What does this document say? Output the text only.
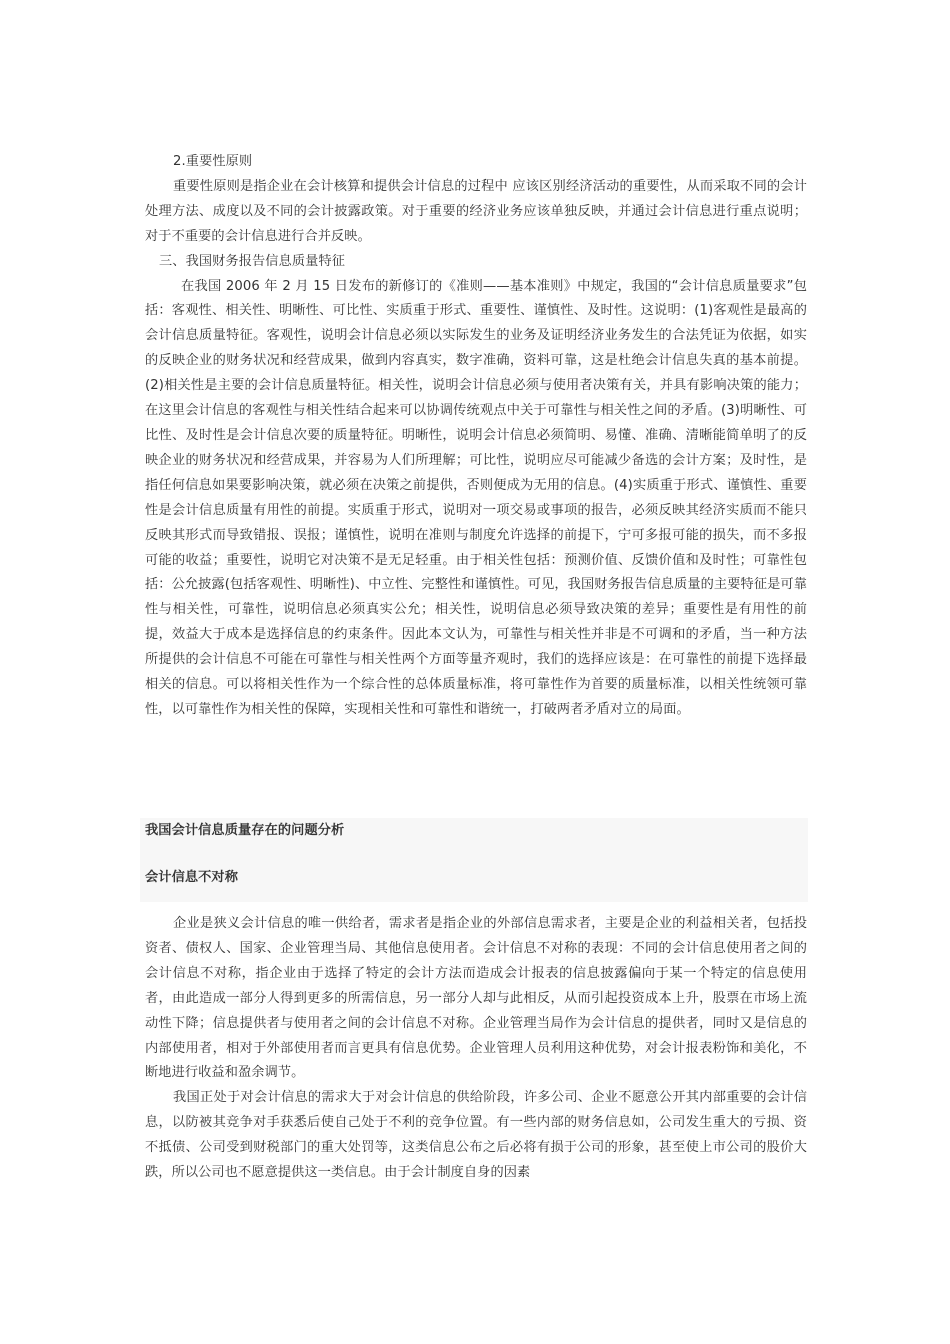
2.重要性原则

重要性原则是指企业在会计核算和提供会计信息的过程中 应该区别经济活动的重要性，从而采取不同的会计处理方法、成度以及不同的会计披露政策。对于重要的经济业务应该单独反映，并通过会计信息进行重点说明；对于不重要的会计信息进行合并反映。

三、我国财务报告信息质量特征

在我国 2006 年 2 月 15 日发布的新修订的《准则——基本准则》中规定，我国的“会计信息质量要求”包括：客观性、相关性、明晰性、可比性、实质重于形式、重要性、谨慎性、及时性。这说明：(1)客观性是最高的会计信息质量特征。客观性，说明会计信息必须以实际发生的业务及证明经济业务发生的合法凭证为依据，如实的反映企业的财务状况和经营成果，做到内容真实，数字准确，资料可靠，这是杜绝会计信息失真的基本前提。(2)相关性是主要的会计信息质量特征。相关性，说明会计信息必须与使用者决策有关，并具有影响决策的能力；在这里会计信息的客观性与相关性结合起来可以协调传统观点中关于可靠性与相关性之间的矛盾。(3)明晰性、可比性、及时性是会计信息次要的质量特征。明晰性，说明会计信息必须简明、易懂、准确、清晰能简单明了的反映企业的财务状况和经营成果，并容易为人们所理解；可比性，说明应尽可能减少备选的会计方案；及时性，是指任何信息如果要影响决策，就必须在决策之前提供，否则便成为无用的信息。(4)实质重于形式、谨慎性、重要性是会计信息质量有用性的前提。实质重于形式，说明对一项交易或事项的报告，必须反映其经济实质而不能只反映其形式而导致错报、误报；谨慎性，说明在准则与制度允许选择的前提下，宁可多报可能的损失，而不多报可能的收益；重要性，说明它对决策不是无足轻重。由于相关性包括：预测价值、反馈价值和及时性；可靠性包括：公允披露(包括客观性、明晰性)、中立性、完整性和谨慎性。可见，我国财务报告信息质量的主要特征是可靠性与相关性，可靠性，说明信息必须真实公允；相关性，说明信息必须导致决策的差异；重要性是有用性的前提，效益大于成本是选择信息的约束条件。因此本文认为，可靠性与相关性并非是不可调和的矛盾，当一种方法所提供的会计信息不可能在可靠性与相关性两个方面等量齐观时，我们的选择应该是：在可靠性的前提下选择最相关的信息。可以将相关性作为一个综合性的总体质量标准，将可靠性作为首要的质量标准，以相关性统领可靠性，以可靠性作为相关性的保障，实现相关性和可靠性和谐统一，打破两者矛盾对立的局面。

我国会计信息质量存在的问题分析

会计信息不对称

企业是狭义会计信息的唯一供给者，需求者是指企业的外部信息需求者，主要是企业的利益相关者，包括投资者、债权人、国家、企业管理当局、其他信息使用者。会计信息不对称的表现：不同的会计信息使用者之间的会计信息不对称，指企业由于选择了特定的会计方法而造成会计报表的信息披露偏向于某一个特定的信息使用者，由此造成一部分人得到更多的所需信息，另一部分人却与此相反，从而引起投资成本上升，股票在市场上流动性下降；信息提供者与使用者之间的会计信息不对称。企业管理当局作为会计信息的提供者，同时又是信息的内部使用者，相对于外部使用者而言更具有信息优势。企业管理人员利用这种优势，对会计报表粉饰和美化，不断地进行收益和盈余调节。

我国正处于对会计信息的需求大于对会计信息的供给阶段，许多公司、企业不愿意公开其内部重要的会计信息，以防被其竞争对手获悉后使自己处于不利的竞争位置。有一些内部的财务信息如，公司发生重大的亏损、资不抵债、公司受到财税部门的重大处罚等，这类信息公布之后必将有损于公司的形象，甚至使上市公司的股价大跌，所以公司也不愿意提供这一类信息。由于会计制度自身的因素
